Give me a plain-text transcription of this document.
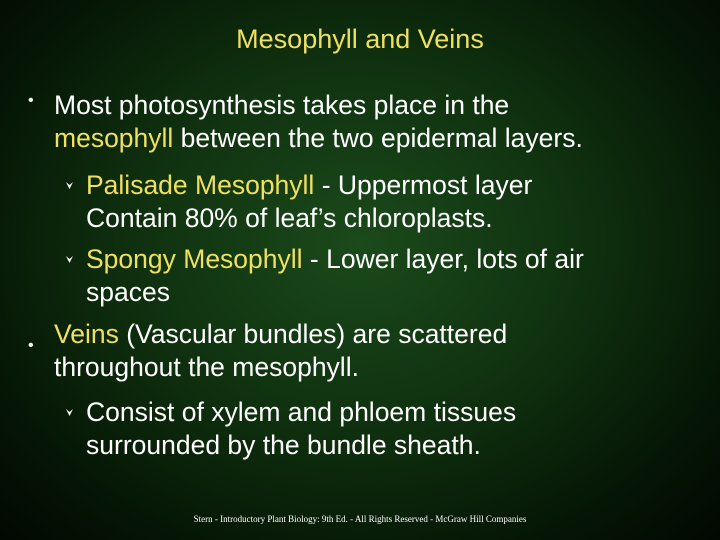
Mesophyll and Veins
• Most photosynthesis takes place in the
mesophyll between the two epidermal layers.
Palisade Mesophyll - Uppermost layer
Contain 80% of leaf’s chloroplasts.
Spongy Mesophyll - Lower layer, lots of air
spaces
• Veins (Vascular bundles) are scattered
throughout the mesophyll.
Consist of xylem and phloem tissues
surrounded by the bundle sheath.
Stern - Introductory Plant Biology: 9th Ed. - All Rights Reserved - McGraw Hill Companies
